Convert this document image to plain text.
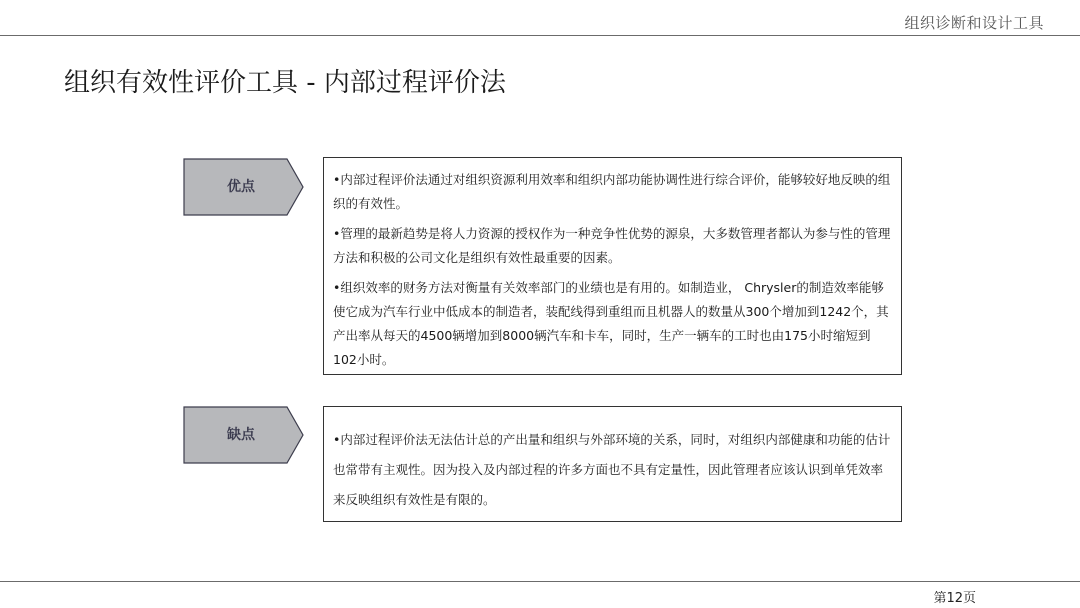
组织诊断和设计工具
组织有效性评价工具 - 内部过程评价法
优点	•内部过程评价法通过对组织资源利用效率和组织内部功能协调性进行综合评价，能够较好地反映的组织的有效性。

•管理的最新趋势是将人力资源的授权作为一种竞争性优势的源泉，大多数管理者都认为参与性的管理方法和积极的公司文化是组织有效性最重要的因素。

•组织效率的财务方法对衡量有关效率部门的业绩也是有用的。如制造业， Chrysler的制造效率能够使它成为汽车行业中低成本的制造者，装配线得到重组而且机器人的数量从300个增加到1242个，其产出率从每天的4500辆增加到8000辆汽车和卡车，同时，生产一辆车的工时也由175小时缩短到102小时。

缺点	•内部过程评价法无法估计总的产出量和组织与外部环境的关系，同时，对组织内部健康和功能的估计也常带有主观性。因为投入及内部过程的许多方面也不具有定量性，因此管理者应该认识到单凭效率来反映组织有效性是有限的。

第12页
